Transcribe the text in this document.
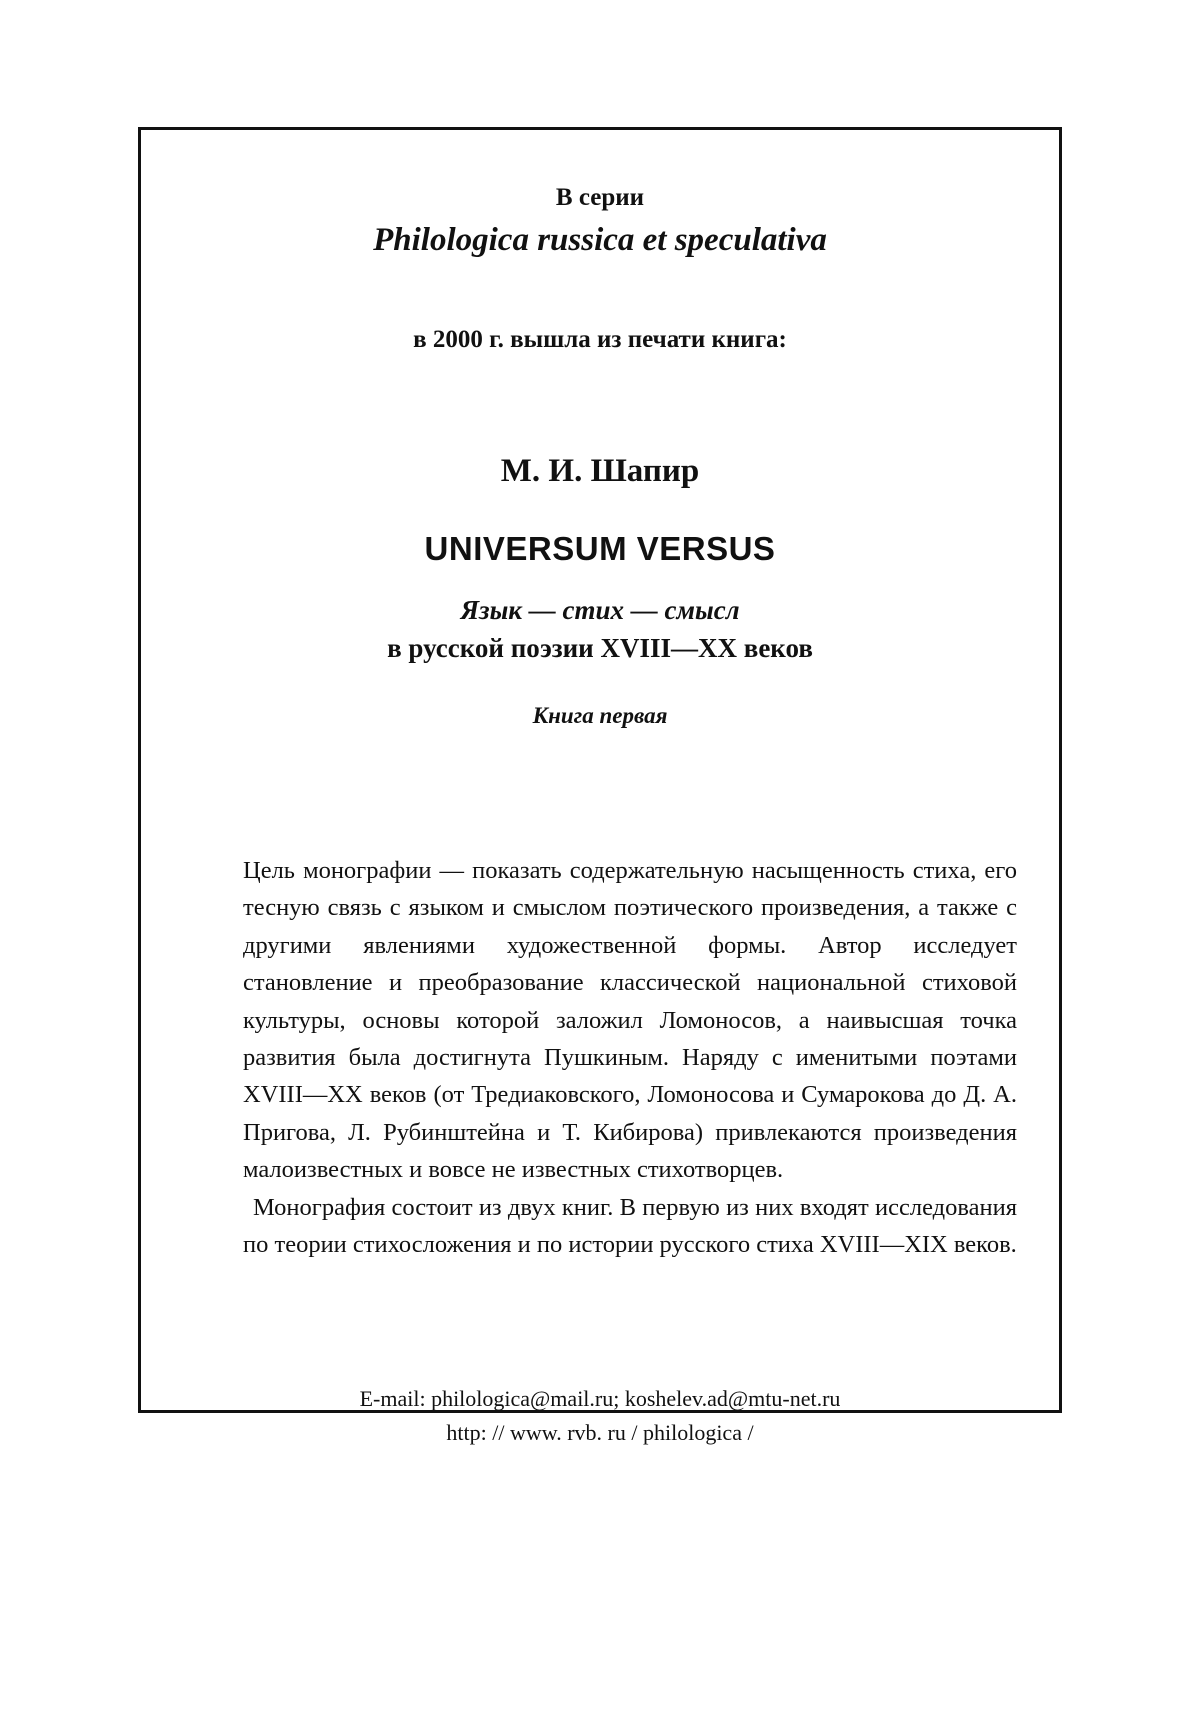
В серии
Philologica russica et speculativa
в 2000 г. вышла из печати книга:
М. И. Шапир
UNIVERSUM VERSUS
Язык — стих — смысл
в русской поэзии XVIII—XX веков
Книга первая

Цель монографии — показать содержательную насыщенность стиха, его тесную связь с языком и смыслом поэтического произведения, а также с другими явлениями художественной формы. Автор исследует становление и преобразование классической национальной стиховой культуры, основы которой заложил Ломоносов, а наивысшая точка развития была достигнута Пушкиным. Наряду с именитыми поэтами XVIII—XX веков (от Тредиаковского, Ломоносова и Сумарокова до Д. А. Пригова, Л. Рубинштейна и Т. Кибирова) привлекаются произведения малоизвестных и вовсе не известных стихотворцев.

Монография состоит из двух книг. В первую из них входят исследования по теории стихосложения и по истории русского стиха XVIII—XIX веков.

E-mail: philologica@mail.ru; koshelev.ad@mtu-net.ru
http: // www. rvb. ru / philologica /
